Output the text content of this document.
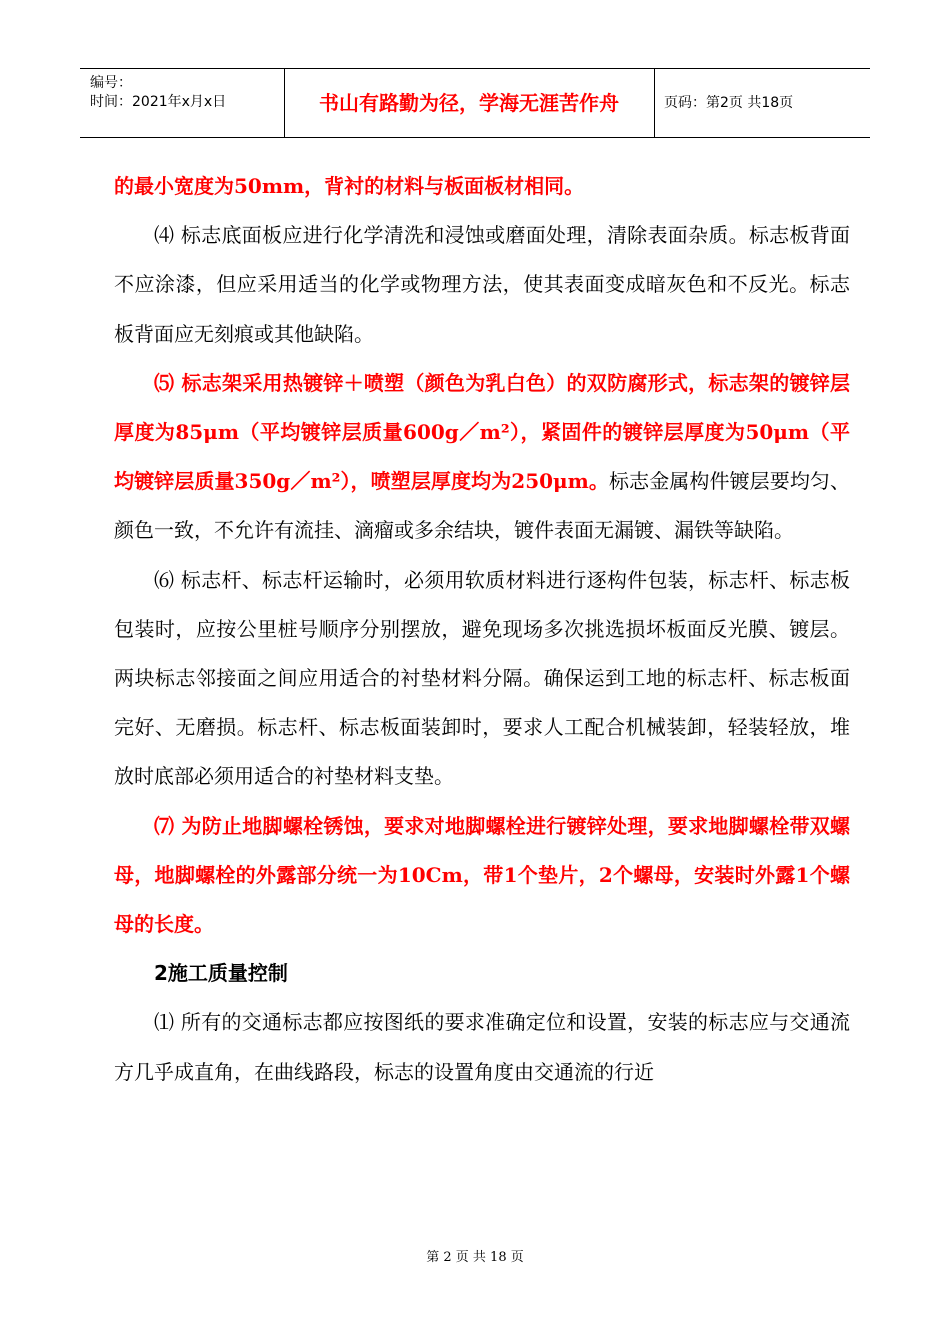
编号：
时间：2021年x月x日	书山有路勤为径，学海无涯苦作舟	页码：第2页 共18页

的最小宽度为50mm，背衬的材料与板面板材相同。

⑷ 标志底面板应进行化学清洗和浸蚀或磨面处理，清除表面杂质。标志板背面不应涂漆，但应采用适当的化学或物理方法，使其表面变成暗灰色和不反光。标志板背面应无刻痕或其他缺陷。

⑸ 标志架采用热镀锌＋喷塑（颜色为乳白色）的双防腐形式，标志架的镀锌层厚度为85μm（平均镀锌层质量600g／m²），紧固件的镀锌层厚度为50μm（平均镀锌层质量350g／m²），喷塑层厚度均为250μm。标志金属构件镀层要均匀、颜色一致，不允许有流挂、滴瘤或多余结块，镀件表面无漏镀、漏铁等缺陷。

⑹ 标志杆、标志杆运输时，必须用软质材料进行逐构件包装，标志杆、标志板包装时，应按公里桩号顺序分别摆放，避免现场多次挑选损坏板面反光膜、镀层。两块标志邻接面之间应用适合的衬垫材料分隔。确保运到工地的标志杆、标志板面完好、无磨损。标志杆、标志板面装卸时，要求人工配合机械装卸，轻装轻放，堆放时底部必须用适合的衬垫材料支垫。

⑺ 为防止地脚螺栓锈蚀，要求对地脚螺栓进行镀锌处理，要求地脚螺栓带双螺母，地脚螺栓的外露部分统一为10Cm，带1个垫片，2个螺母，安装时外露1个螺母的长度。

2施工质量控制

⑴ 所有的交通标志都应按图纸的要求准确定位和设置，安装的标志应与交通流方几乎成直角，在曲线路段，标志的设置角度由交通流的行近

第 2 页 共 18 页
